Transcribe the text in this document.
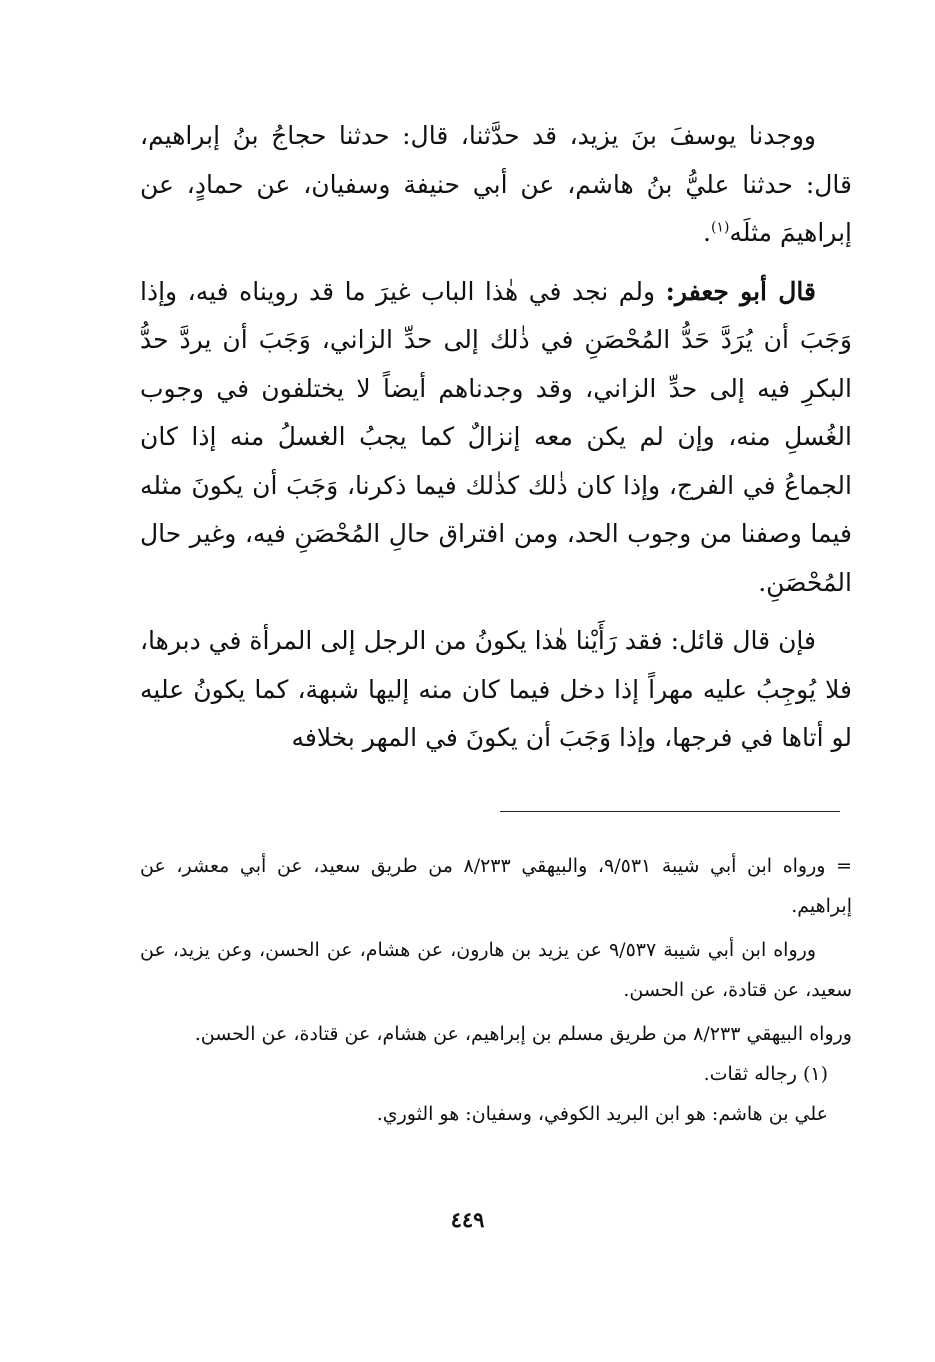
ووجدنا يوسفَ بنَ يزيد، قد حدَّثنا، قال: حدثنا حجاجُ بنُ إبراهيم، قال: حدثنا عليُّ بنُ هاشم، عن أبي حنيفة وسفيان، عن حمادٍ، عن إبراهيمَ مثلَه$^{(١)}$.

قال أبو جعفر: ولم نجد في هٰذا الباب غيرَ ما قد رويناه فيه، وإذا وَجَبَ أن يُرَدَّ حَدُّ المُحْصَنِ في ذٰلك إلى حدِّ الزاني، وَجَبَ أن يردَّ حدُّ البكرِ فيه إلى حدِّ الزاني، وقد وجدناهم أيضاً لا يختلفون في وجوب الغُسلِ منه، وإن لم يكن معه إنزالٌ كما يجبُ الغسلُ منه إذا كان الجماعُ في الفرج، وإذا كان ذٰلك كذٰلك فيما ذكرنا، وَجَبَ أن يكونَ مثله فيما وصفنا من وجوب الحد، ومن افتراق حالِ المُحْصَنِ فيه، وغير حال المُحْصَنِ.

فإن قال قائل: فقد رَأَيْنا هٰذا يكونُ من الرجل إلى المرأة في دبرها، فلا يُوجِبُ عليه مهراً إذا دخل فيما كان منه إليها شبهة، كما يكونُ عليه لو أتاها في فرجها، وإذا وَجَبَ أن يكونَ في المهر بخلافه

= ورواه ابن أبي شيبة ٩/٥٣١، والبيهقي ٨/٢٣٣ من طريق سعيد، عن أبي معشر، عن إبراهيم.

ورواه ابن أبي شيبة ٩/٥٣٧ عن يزيد بن هارون، عن هشام، عن الحسن، وعن يزيد، عن سعيد، عن قتادة، عن الحسن.

ورواه البيهقي ٨/٢٣٣ من طريق مسلم بن إبراهيم، عن هشام، عن قتادة، عن الحسن.

(١) رجاله ثقات.

علي بن هاشم: هو ابن البريد الكوفي، وسفيان: هو الثوري.

٤٤٩
